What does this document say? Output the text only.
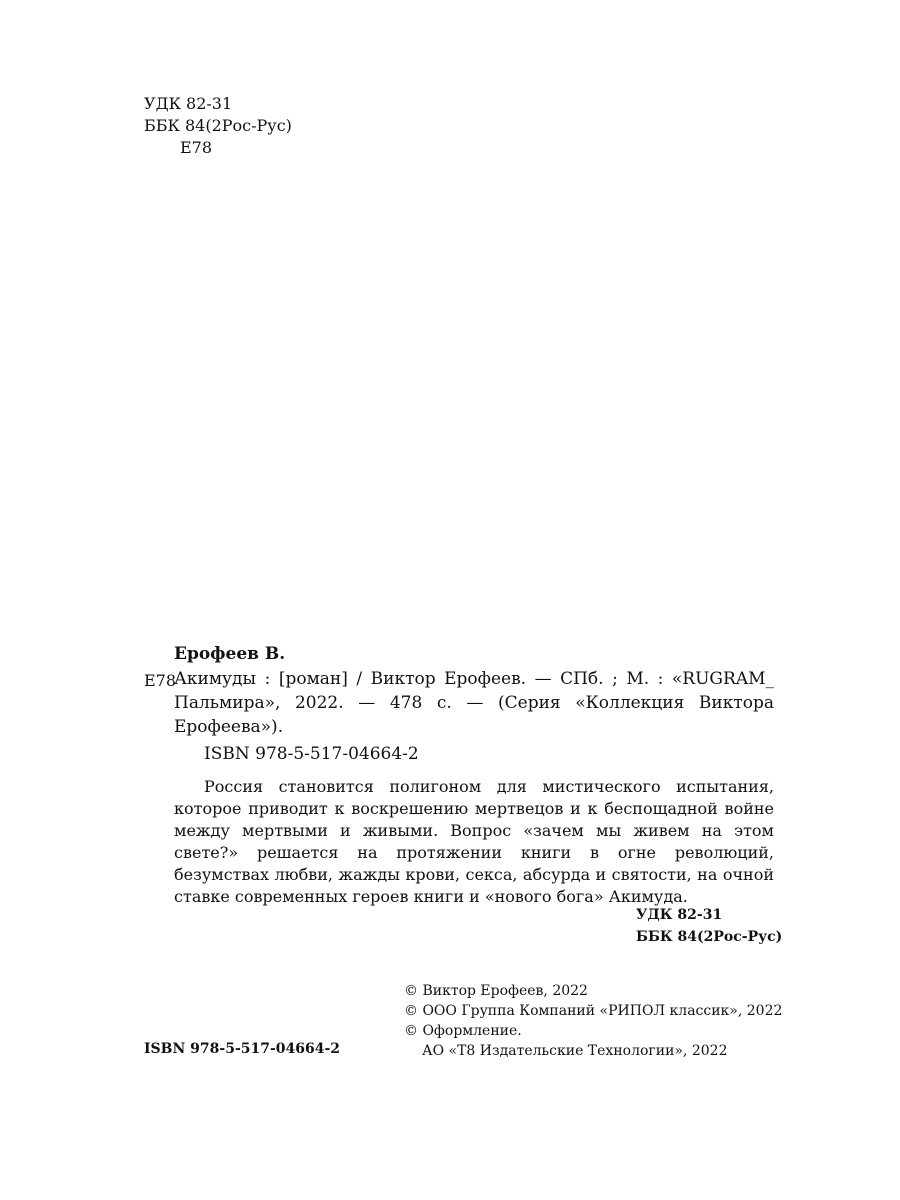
УДК 82-31
ББК 84(2Рос-Рус)
Е78
Ерофеев В.
Е78
Акимуды : [роман] / Виктор Ерофеев. — СПб. ; М. : «RUGRAM_ Пальмира», 2022. — 478 с. — (Серия «Коллекция Виктора Ерофеева»).
ISBN 978-5-517-04664-2
Россия становится полигоном для мистического испытания, которое приводит к воскрешению мертвецов и к беспощадной войне между мертвыми и живыми. Вопрос «зачем мы живем на этом свете?» решается на протяжении книги в огне революций, безумствах любви, жажды крови, секса, абсурда и святости, на очной ставке современных героев книги и «нового бога» Акимуда.
УДК 82-31
ББК 84(2Рос-Рус)
© Виктор Ерофеев, 2022
© ООО Группа Компаний «РИПОЛ классик», 2022
© Оформление.
АО «Т8 Издательские Технологии», 2022
ISBN 978-5-517-04664-2
